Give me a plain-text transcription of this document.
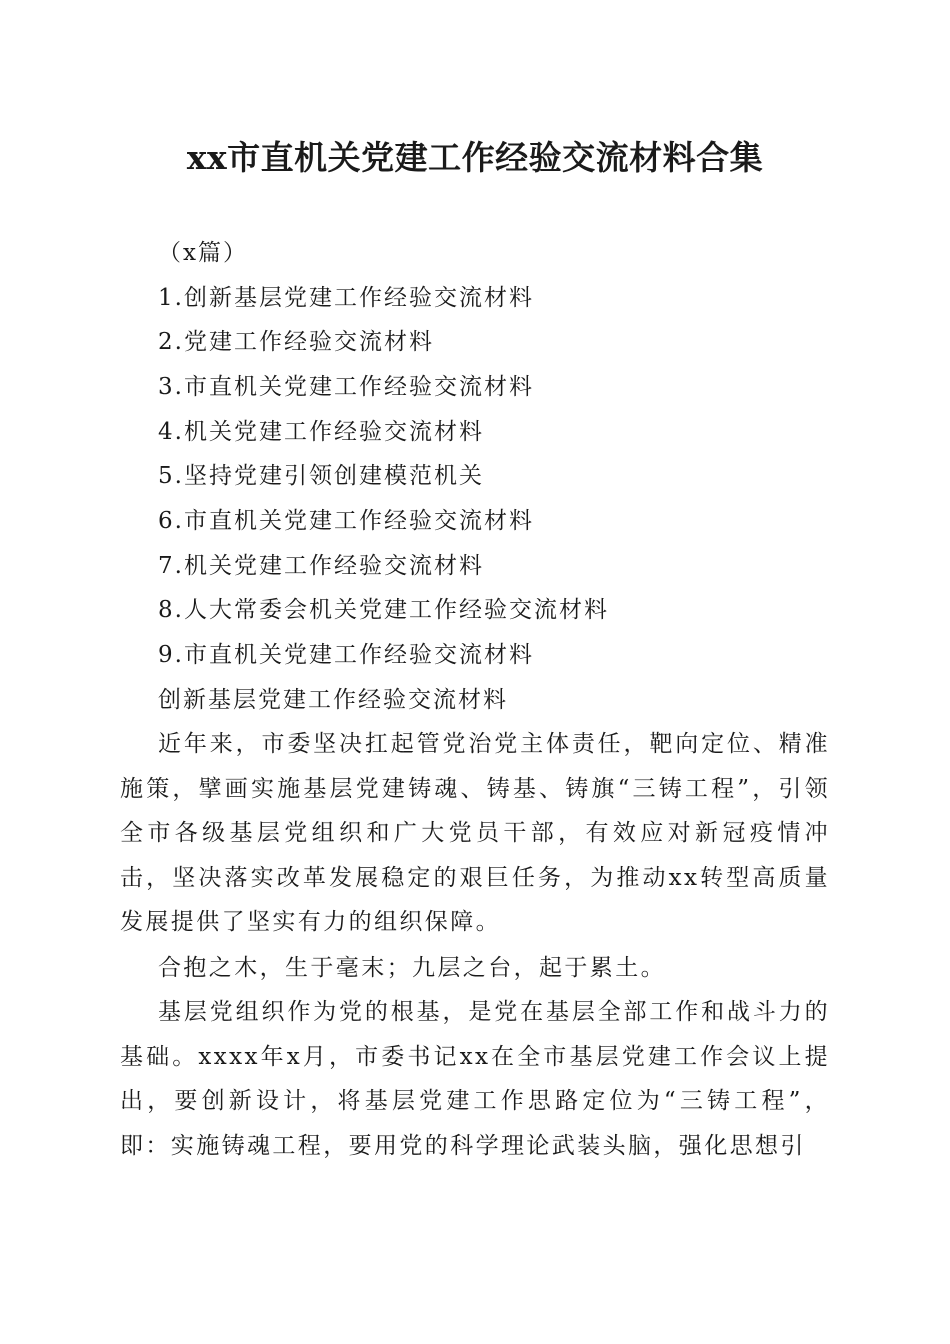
xx市直机关党建工作经验交流材料合集

（x篇）

1.创新基层党建工作经验交流材料

2.党建工作经验交流材料

3.市直机关党建工作经验交流材料

4.机关党建工作经验交流材料

5.坚持党建引领创建模范机关

6.市直机关党建工作经验交流材料

7.机关党建工作经验交流材料

8.人大常委会机关党建工作经验交流材料

9.市直机关党建工作经验交流材料

创新基层党建工作经验交流材料

近年来，市委坚决扛起管党治党主体责任，靶向定位、精准施策，擘画实施基层党建铸魂、铸基、铸旗“三铸工程”，引领全市各级基层党组织和广大党员干部，有效应对新冠疫情冲击，坚决落实改革发展稳定的艰巨任务，为推动xx转型高质量发展提供了坚实有力的组织保障。

合抱之木，生于毫末；九层之台，起于累土。

基层党组织作为党的根基，是党在基层全部工作和战斗力的基础。xxxx年x月，市委书记xx在全市基层党建工作会议上提出，要创新设计，将基层党建工作思路定位为“三铸工程”，即：实施铸魂工程，要用党的科学理论武装头脑，强化思想引
